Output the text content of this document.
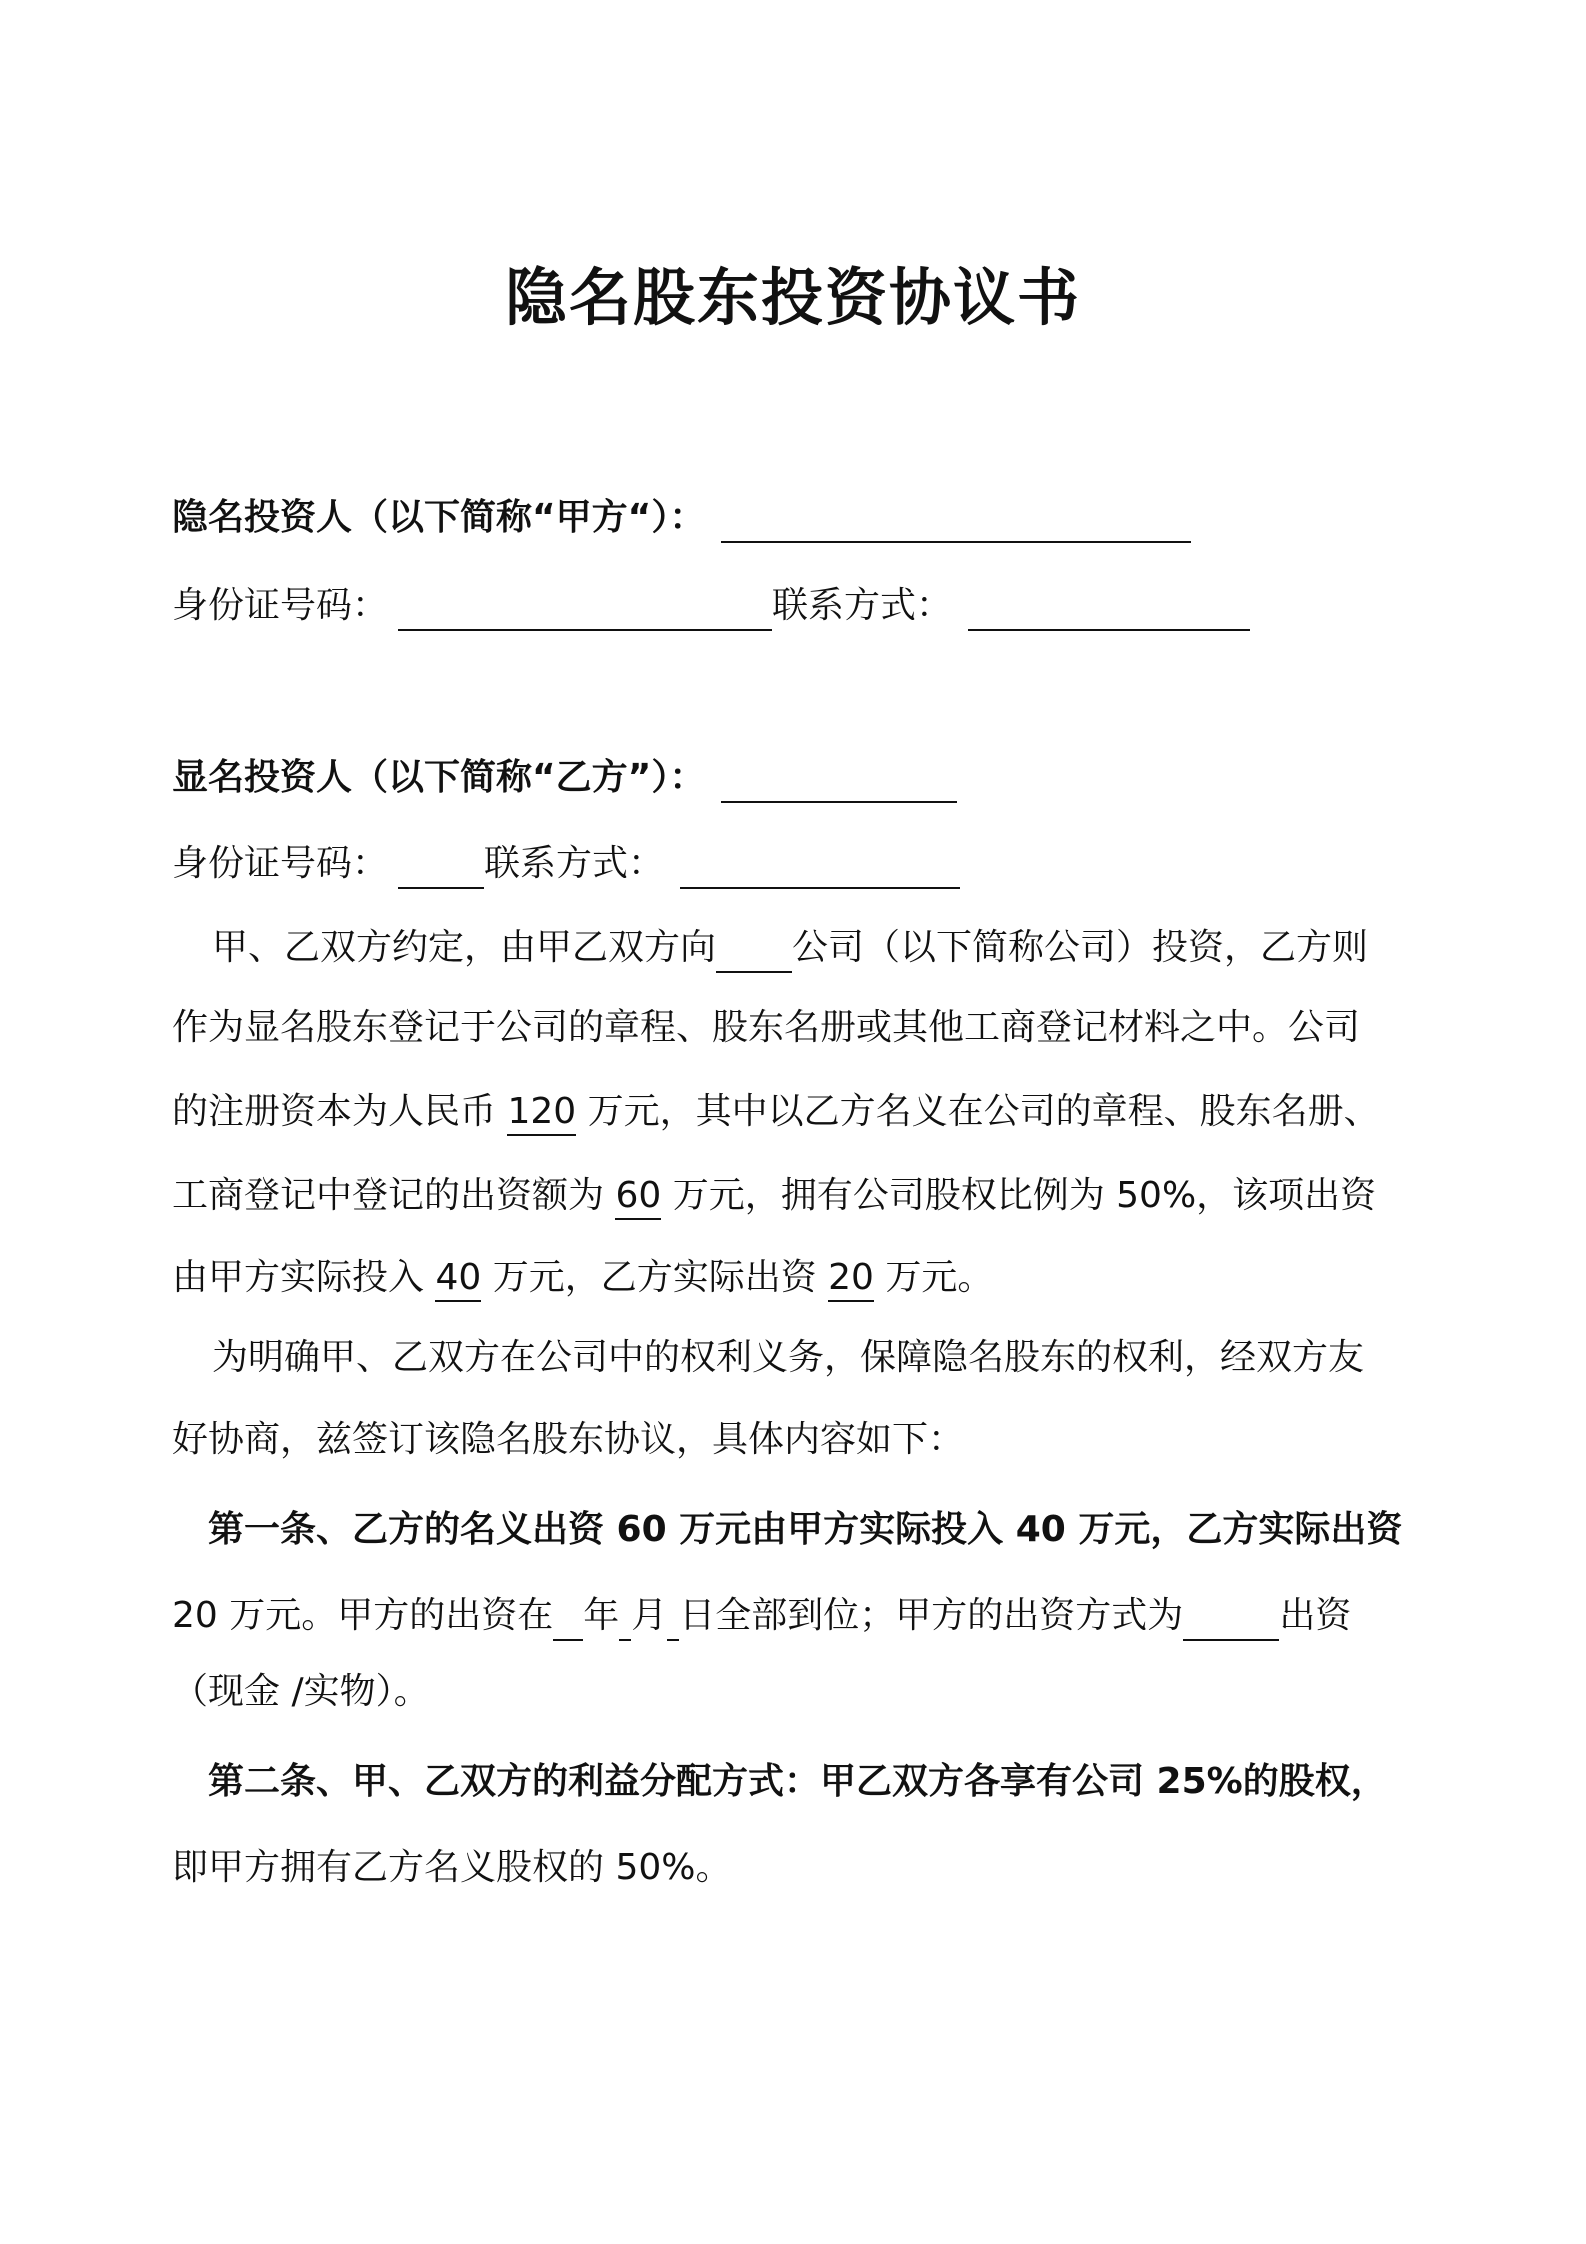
隐名股东投资协议书
隐名投资人（以下简称“甲方“）：
身份证号码：	联系方式：
显名投资人（以下简称“乙方”）：
身份证号码：	联系方式：
甲、乙双方约定，由甲乙双方向 公司（以下简称公司）投资，乙方则
作为显名股东登记于公司的章程、股东名册或其他工商登记材料之中。公司
的注册资本为人民币 120 万元，其中以乙方名义在公司的章程、股东名册、
工商登记中登记的出资额为 60 万元，拥有公司股权比例为 50%，该项出资
由甲方实际投入 40 万元，乙方实际出资 20 万元。
为明确甲、乙双方在公司中的权利义务，保障隐名股东的权利，经双方友
好协商，兹签订该隐名股东协议，具体内容如下：
第一条、乙方的名义出资 60 万元由甲方实际投入 40 万元，乙方实际出资
20 万元。甲方的出资在 年 月 日全部到位；甲方的出资方式为	出资
（现金 /实物）。
第二条、甲、乙双方的利益分配方式：甲乙双方各享有公司 25%的股权，
即甲方拥有乙方名义股权的 50%。
